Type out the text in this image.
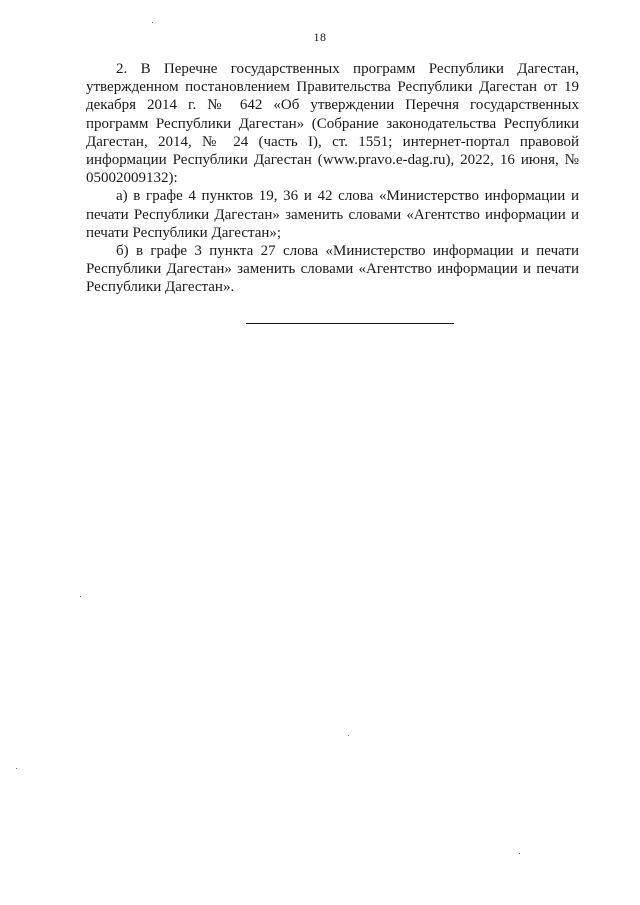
18

2. В Перечне государственных программ Республики Дагестан, утвержденном постановлением Правительства Республики Дагестан от 19 декабря 2014 г. № 642 «Об утверждении Перечня государственных программ Республики Дагестан» (Собрание законодательства Республики Дагестан, 2014, № 24 (часть I), ст. 1551; интернет-портал правовой информации Республики Дагестан (www.pravo.e-dag.ru), 2022, 16 июня, № 05002009132):

а) в графе 4 пунктов 19, 36 и 42 слова «Министерство информации и печати Республики Дагестан» заменить словами «Агентство информации и печати Республики Дагестан»;

б) в графе 3 пункта 27 слова «Министерство информации и печати Республики Дагестан» заменить словами «Агентство информации и печати Республики Дагестан».
